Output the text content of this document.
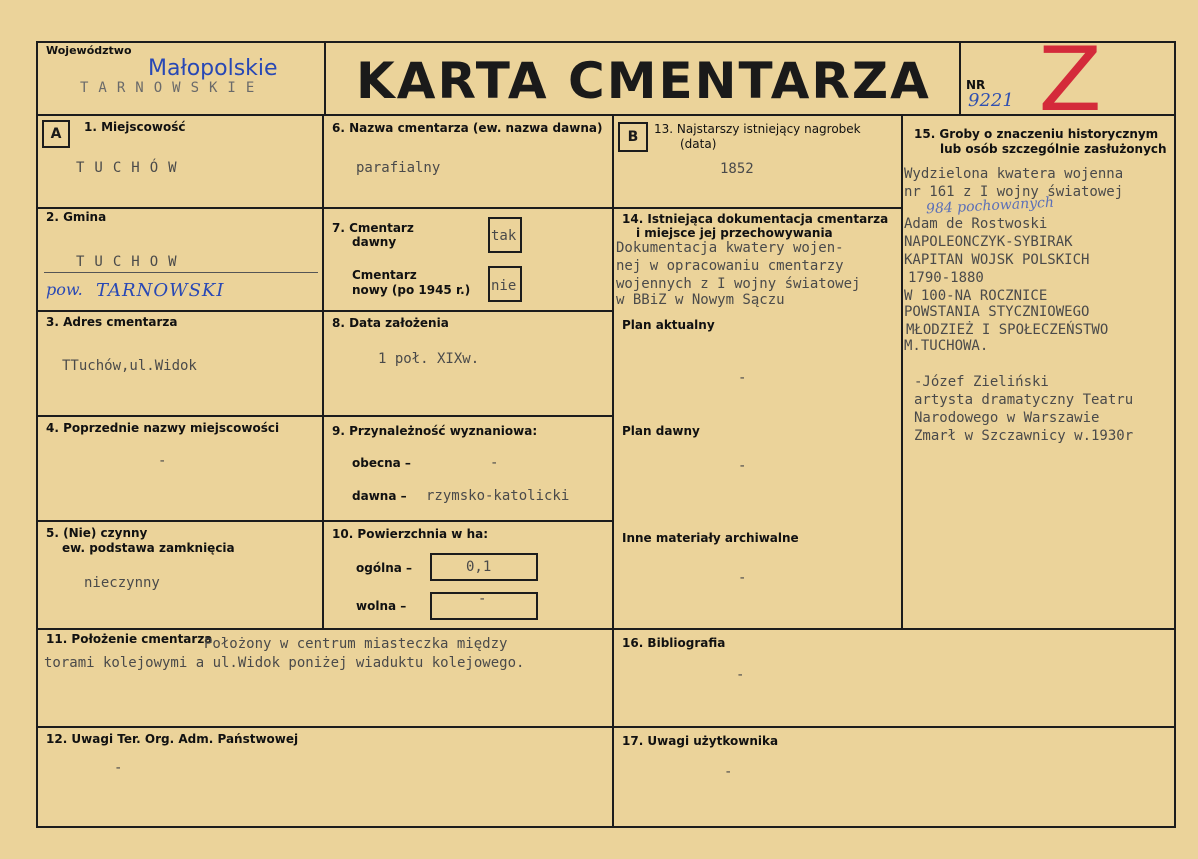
Województwo
Małopolskie
TARNOWSKIE KARTA CMENTARZA	NR
9221 Z
A	1. Miejscowość
TUCHÓW
2. Gmina
TUCHOW
pow. TARNOWSKI
3. Adres cmentarza
TTuchów,ul.Widok
4. Poprzednie nazwy miejscowości
-
5. (Nie) czynny
ew. podstawa zamknięcia
nieczynny
6. Nazwa cmentarza (ew. nazwa dawna)
parafialny
7. Cmentarz
dawny	tak
Cmentarz
nowy (po 1945 r.) nie
8. Data założenia
1 poł. XIXw.
9. Przynależność wyznaniowa:
obecna –	-
dawna – rzymsko-katolicki
10. Powierzchnia w ha:
ogólna –	0,1
wolna –	-
B	13. Najstarszy istniejący nagrobek
(data)
1852
14. Istniejąca dokumentacja cmentarza
i miejsce jej przechowywania
Dokumentacja kwatery wojen-
nej w opracowaniu cmentarzy
wojennych z I wojny światowej
w BBiZ w Nowym Sączu
Plan aktualny
-
Plan dawny
-
Inne materiały archiwalne
-
15. Groby o znaczeniu historycznym
lub osób szczególnie zasłużonych
Wydzielona kwatera wojenna
nr 161 z I wojny światowej
984 pochowanych
Adam de Rostwoski
NAPOLEONCZYK-SYBIRAK
KAPITAN WOJSK POLSKICH
1790-1880
W 100-NA ROCZNICE
POWSTANIA STYCZNIOWEGO
MŁODZIEŻ I SPOŁECZEŃSTWO
M.TUCHOWA.
-Józef Zieliński
artysta dramatyczny Teatru
Narodowego w Warszawie
Zmarł w Szczawnicy w.1930r
11. Położenie cmentarza
Położony w centrum miasteczka między
torami kolejowymi a ul.Widok poniżej wiaduktu kolejowego.
16. Bibliografia
-
12. Uwagi Ter. Org. Adm. Państwowej
-
17. Uwagi użytkownika
-
